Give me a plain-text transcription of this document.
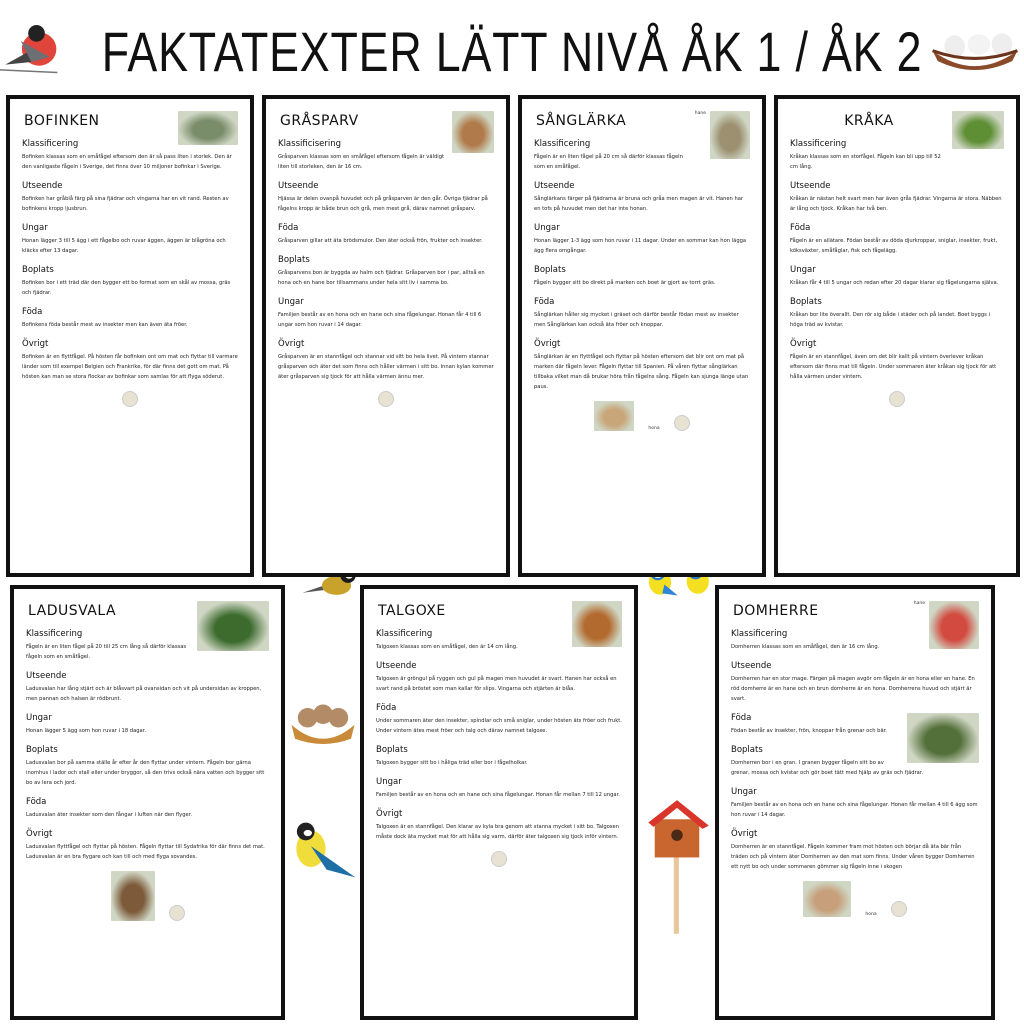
FAKTATEXTER LÄTT NIVÅ ÅK 1 / ÅK 2
BOFINKEN
Klassificering

Bofinken klassas som en småfågel eftersom den är så pass liten i storlek. Den är den vanligaste fågeln i Sverige, det finns över 10 miljoner bofinkar i Sverige.

Utseende

Bofinken har gråblå färg på sina fjädrar och vingarna har en vit rand. Resten av bofinkens kropp ljusbrun.

Ungar

Honan lägger 3 till 5 ägg i ett fågelbo och ruvar äggen, äggen är blågröna och kläcks efter 13 dagar.

Boplats

Bofinken bor i ett träd där den bygger ett bo format som en skål av mossa, gräs och fjädrar.

Föda

Bofinkens föda består mest av insekter men kan även äta fröer.

Övrigt

Bofinken är en flyttfågel. På hösten får bofinken ont om mat och flyttar till varmare länder som till exempel Belgien och Frankrike, för där finns det gott om mat. På hösten kan man se stora flockar av bofinkar som samlas för att flyga söderut.

GRÅSPARV
Klassificisering

Gråsparven klassas som en småfågel eftersom fågeln är väldigt liten till storleken, den är 16 cm.

Utseende

Hjässa är delen ovanpå huvudet och på gråsparven är den går. Övriga fjädrar på fågelns kropp är både brun och grå, men mest grå, därav namnet gråsparv.

Föda

Gråsparven gillar att äta brödsmulor. Den äter också frön, frukter och insekter.

Boplats

Gråsparvens bon är byggda av halm och fjädrar. Gråsparven bor i par, alltså en hona och en hane bor tillsammans under hela sitt liv i samma bo.

Ungar

Familjen består av en hona och en hane och sina fågelungar. Honan får 4 till 6 ungar som hon ruvar i 14 dagar.

Övrigt

Gråsparven är en stannfågel och stannar vid sitt bo hela livet. På vintern stannar gråsparven och äter det som finns och håller värmen i sitt bo. Innan kylan kommer äter gråsparven sig tjock för att hålla värmen ännu mer.

hane
SÅNGLÄRKA
Klassificering

Fågeln är en liten fågel på 20 cm så därför klassas fågeln som en småfågel.

Utseende

Sånglärkans färger på fjädrarna är bruna och gråa men magen är vit. Hanen har en tofs på huvudet men det har inte honan.

Ungar

Honan lägger 1-3 ägg som hon ruvar i 11 dagar. Under en sommar kan hon lägga ägg flera omgångar.

Boplats

Fågeln bygger sitt bo direkt på marken och boet är gjort av torrt gräs.

Föda

Sånglärkan håller sig mycket i gräset och därför består födan mest av insekter men Sånglärkan kan också äta fröer och knoppar.

Övrigt

Sånglärkan är en flyttfågel och flyttar på hösten eftersom det blir ont om mat på marken där fågeln lever. Fågeln flyttar till Spanien. På våren flyttar sånglärkan tillbaka vilket man då brukar höra från fågelns sång. Fågeln kan sjunga länge utan paus.

hona
KRÅKA
Klassificering

Kråkan klassas som en storfågel. Fågeln kan bli upp till 52 cm lång.

Utseende

Kråkan är nästan helt svart men har även grås fjädrar. Vingarna är stora. Näbben är lång och tjock. Kråkan har två ben.

Föda

Fågeln är en allätare. Födan består av döda djurkroppar, sniglar, insekter, frukt, köksväxter, småfåglar, fisk och fågelägg.

Ungar

Kråkan får 4 till 5 ungar och redan efter 20 dagar klarar sig fågelungarna själva.

Boplats

Kråkan bor lite överallt. Den rör sig både i städer och på landet. Boet byggs i höga träd av kvistar.

Övrigt

Fågeln är en stannfågel, även om det blir kallt på vintern överlever kråkan eftersom där finns mat till fågeln. Under sommaren äter kråkan sig tjock för att hålla värmen under vintern.

LADUSVALA
Klassificering

Fågeln är en liten fågel på 20 till 25 cm lång så därför klassas fågeln som en småfågel.

Utseende

Ladusvalan har lång stjärt och är blåsvart på ovansidan och vit på undersidan av kroppen, men pannan och halsen är rödbrunt.

Ungar

Honan lägger 5 ägg som hon ruvar i 18 dagar.

Boplats

Ladusvalan bor på samma ställe år efter år den flyttar under vintern. Fågeln bor gärna inomhus i lador och stall eller under bryggor, så den trivs också nära vatten och bygger sitt bo av lera och jord.

Föda

Ladusvalan äter insekter som den fångar i luften när den flyger.

Övrigt

Ladusvalan flyttfågel och flyttar på hösten. Fågeln flyttar till Sydafrika för där finns det mat. Ladusvalan är en bra flygare och kan till och med flyga sovandes.

TALGOXE
Klassificering

Talgoxen klassas som en småfågel, den är 14 cm lång.

Utseende

Talgoxen är gröngul på ryggen och gul på magen men huvudet är svart. Hanen har också en svart rand på bröstet som man kallar för slips. Vingarna och stjärten är blåa.

Föda

Under sommaren äter den insekter, spindlar och små sniglar, under hösten äts fröer och frukt. Under vintern ätes mest fröer och talg och därav namnet talgoxe.

Boplats

Talgoxen bygger sitt bo i håliga träd eller bor i fågelholkar.

Ungar

Familjen består av en hona och en hane och sina fågelungar. Honan får mellan 7 till 12 ungar.

Övrigt

Talgoxen är en stannfågel. Den klarar av kyla bra genom att stanna mycket i sitt bo. Talgoxen måste dock äta mycket mat för att hålla sig varm, därför äter talgoxen sig tjock inför vintern.

hane
DOMHERRE
Klassificering

Domherren klassas som en småfågel, den är 16 cm lång.

Utseende

Domherren har en stor mage. Färgen på magen avgör om fågeln är en hona eller en hane. En röd domherre är en hane och en brun domherre är en hona. Domherrens huvud och stjärt är svart.

Föda

Födan består av insekter, frön, knoppar från grenar och bär.

Boplats

Domherren bor i en gran. I granen bygger fågeln sitt bo av grenar, mossa och kvistar och gör boet tätt med hjälp av gräs och fjädrar.

Ungar

Familjen består av en hona och en hane och sina fågelungar. Honan får mellan 4 till 6 ägg som hon ruvar i 14 dagar.

Övrigt

Domherren är en stannfågel. Fågeln kommer fram mot hösten och börjar då äta bär från träden och på vintern äter Domherren av den mat som finns. Under våren bygger Domherren ett nytt bo och under sommaren gömmer sig fågeln inne i skogen

hona
